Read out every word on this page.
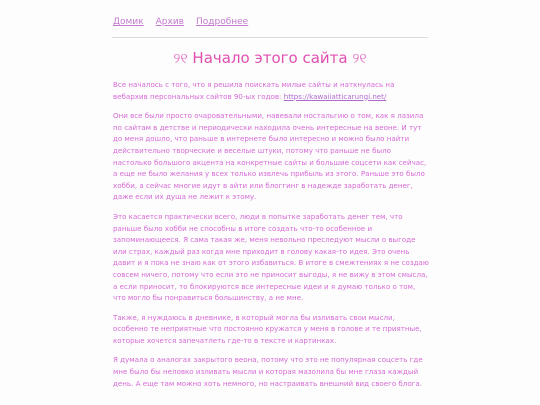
Домик Архив Подробнее
୨୧ Начало этого сайта ୨୧

Все началось с того, что я решила поискать милые сайты и наткнулась на вебархив персональных сайтов 90-ых годов: https://kawaiiatticarungi.net/

Они все были просто очаровательными, навевали ностальгию о том, как я лазила по сайтам в детстве и периодически находила очень интересные на веоне. И тут до меня дошло, что раньше в интернете было интересно и можно было найти действительно творческие и веселые штуки, потому что раньше не было настолько большого акцента на конкретные сайты и большие соцсети как сейчас, а еще не было желания у всех только извлечь прибыль из этого. Раньше это было хобби, а сейчас многие идут в айти или блоггинг в надежде заработать денег, даже если их душа не лежит к этому.

Это касается практически всего, люди в попытке заработать денег тем, что раньше было хобби не способны в итоге создать что-то особенное и запоминающееся. Я сама такая же, меня невольно преследуют мысли о выгоде или страх, каждый раз когда мне приходит в голову какая-то идея. Это очень давит и я пока не знаю как от этого избавиться. В итоге в смежтениях я не создаю совсем ничего, потому что если это не приносит выгоды, я не вижу в этом смысла, а если приносит, то блокируются все интересные идеи и я думаю только о том, что могло бы понравиться большинству, а не мне.

Также, я нуждаюсь в дневнике, в который могла бы изливать свои мысли, особенно те неприятные что постоянно кружатся у меня в голове и те приятные, которые хочется запечатлеть где-то в тексте и картинках.

Я думала о аналогах закрытого веона, потому что это не популярная соцсеть где мне было бы неловко изливать мысли и которая мазолила бы мне глаза каждый день. А еще там можно хоть немного, но настраивать внешний вид своего блога.
